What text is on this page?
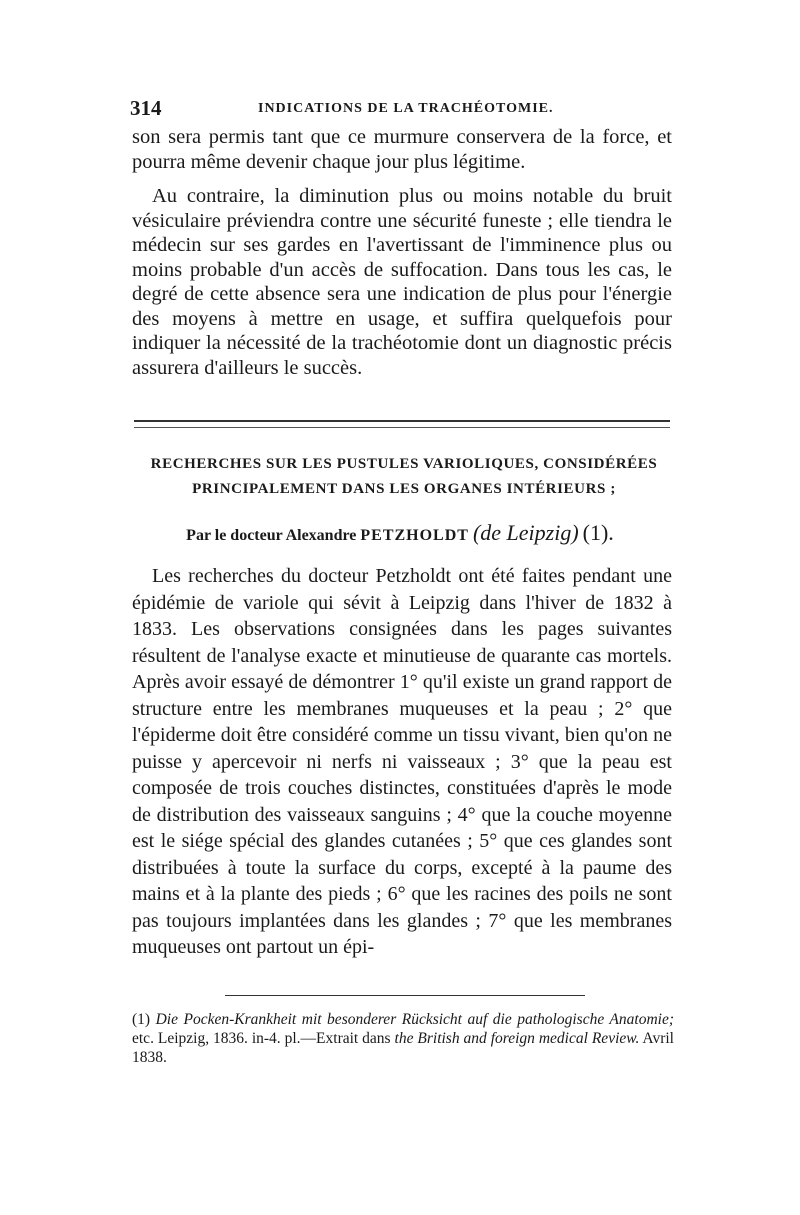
314	INDICATIONS DE LA TRACHÉOTOMIE.

son sera permis tant que ce murmure conservera de la force, et pourra même devenir chaque jour plus légitime.

Au contraire, la diminution plus ou moins notable du bruit vésiculaire préviendra contre une sécurité funeste ; elle tiendra le médecin sur ses gardes en l'avertissant de l'imminence plus ou moins probable d'un accès de suffocation. Dans tous les cas, le degré de cette absence sera une indication de plus pour l'énergie des moyens à mettre en usage, et suffira quelquefois pour indiquer la nécessité de la trachéotomie dont un diagnostic précis assurera d'ailleurs le succès.

RECHERCHES SUR LES PUSTULES VARIOLIQUES, CONSIDÉRÉES PRINCIPALEMENT DANS LES ORGANES INTÉRIEURS ;

Par le docteur Alexandre PETZHOLDT (de Leipzig) (1).

Les recherches du docteur Petzholdt ont été faites pendant une épidémie de variole qui sévit à Leipzig dans l'hiver de 1832 à 1833. Les observations consignées dans les pages suivantes résultent de l'analyse exacte et minutieuse de quarante cas mortels. Après avoir essayé de démontrer 1° qu'il existe un grand rapport de structure entre les membranes muqueuses et la peau ; 2° que l'épiderme doit être considéré comme un tissu vivant, bien qu'on ne puisse y apercevoir ni nerfs ni vaisseaux ; 3° que la peau est composée de trois couches distinctes, constituées d'après le mode de distribution des vaisseaux sanguins ; 4° que la couche moyenne est le siége spécial des glandes cutanées ; 5° que ces glandes sont distribuées à toute la surface du corps, excepté à la paume des mains et à la plante des pieds ; 6° que les racines des poils ne sont pas toujours implantées dans les glandes ; 7° que les membranes muqueuses ont partout un épi-

(1) Die Pocken-Krankheit mit besonderer Rücksicht auf die pathologische Anatomie; etc. Leipzig, 1836. in-4. pl.—Extrait dans the British and foreign medical Review. Avril 1838.
